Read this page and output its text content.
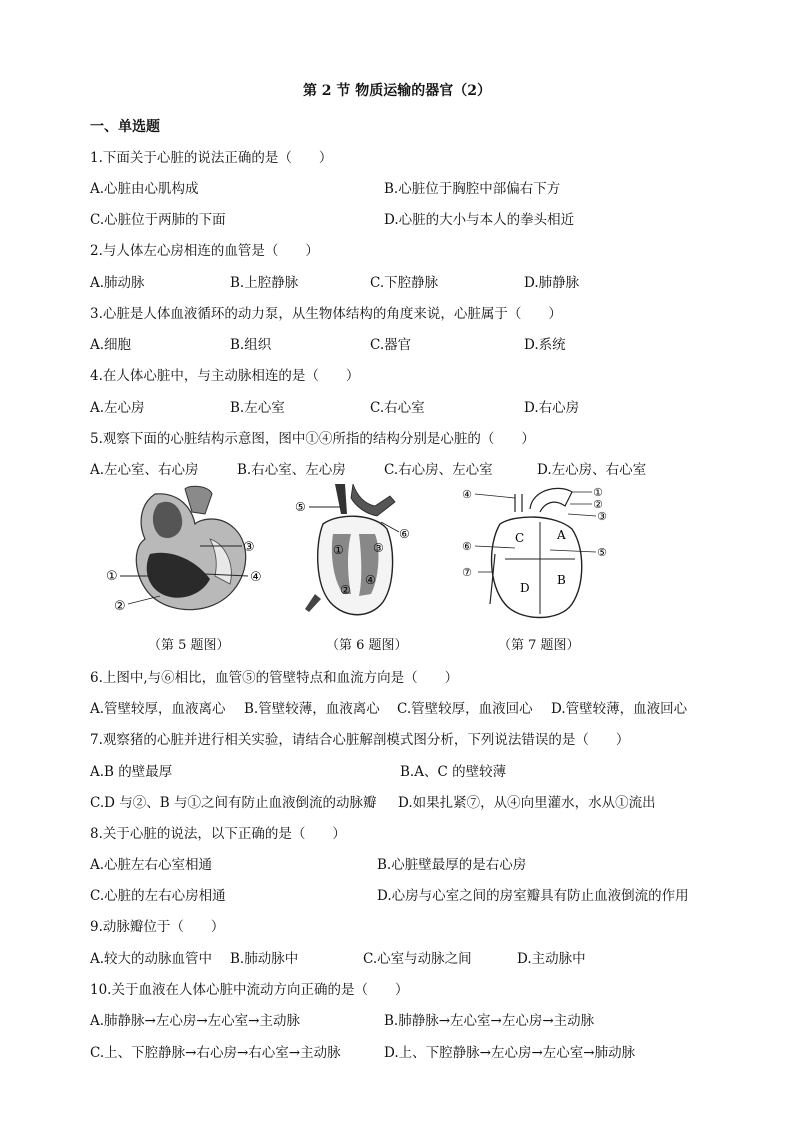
第 2 节 物质运输的器官（2）
一、单选题
1.下面关于心脏的说法正确的是（　　）
A.心脏由心肌构成	B.心脏位于胸腔中部偏右下方
C.心脏位于两肺的下面	D.心脏的大小与本人的拳头相近
2.与人体左心房相连的血管是（　　）
A.肺动脉	B.上腔静脉	C.下腔静脉	D.肺静脉
3.心脏是人体血液循环的动力泵，从生物体结构的角度来说，心脏属于（　　）
A.细胞	B.组织	C.器官	D.系统
4.在人体心脏中，与主动脉相连的是（　　）
A.左心房	B.左心室	C.右心室	D.右心房
5.观察下面的心脏结构示意图，图中①④所指的结构分别是心脏的（　　）
A.左心室、右心房	B.右心室、左心房	C.右心房、左心室	D.左心房、右心室
①
②
③
④
①
②
③
④
⑤
⑥	C	A
D
B
④	①
②
③
⑤
⑥
⑦
（第 5 题图）	（第 6 题图）	（第 7 题图）
6.上图中,与⑥相比，血管⑤的管壁特点和血流方向是（　　）
A.管壁较厚，血液离心 B.管壁较薄，血液离心 C.管壁较厚，血液回心 D.管壁较薄，血液回心
7.观察猪的心脏并进行相关实验，请结合心脏解剖模式图分析，下列说法错误的是（　　）
A.B 的壁最厚	B.A、C 的壁较薄
C.D 与②、B 与①之间有防止血液倒流的动脉瓣 D.如果扎紧⑦，从④向里灌水，水从①流出
8.关于心脏的说法，以下正确的是（　　）
A.心脏左右心室相通	B.心脏壁最厚的是右心房
C.心脏的左右心房相通	D.心房与心室之间的房室瓣具有防止血液倒流的作用
9.动脉瓣位于（　　）
A.较大的动脉血管中 B.肺动脉中	C.心室与动脉之间	D.主动脉中
10.关于血液在人体心脏中流动方向正确的是（　　）
A.肺静脉→左心房→左心室→主动脉	B.肺静脉→左心室→左心房→主动脉
C.上、下腔静脉→右心房→右心室→主动脉	D.上、下腔静脉→左心房→左心室→肺动脉
